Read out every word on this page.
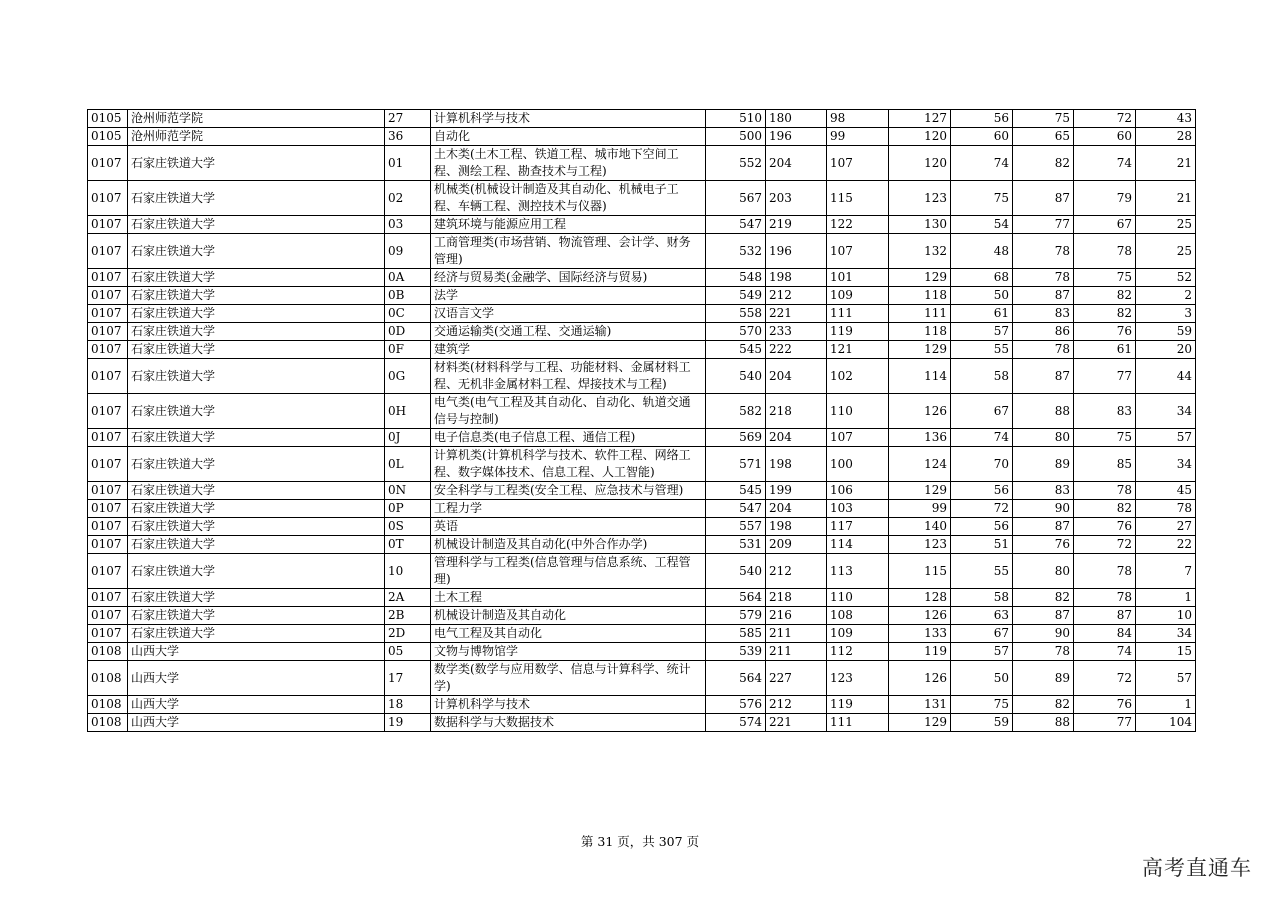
0105	沧州师范学院	27	计算机科学与技术	510	180	98	127	56	75	72	43
0105	沧州师范学院	36	自动化	500	196	99	120	60	65	60	28
0107	石家庄铁道大学	01	土木类(土木工程、铁道工程、城市地下空间工程、测绘工程、勘查技术与工程)	552	204	107	120	74	82	74	21
0107	石家庄铁道大学	02	机械类(机械设计制造及其自动化、机械电子工程、车辆工程、测控技术与仪器)	567	203	115	123	75	87	79	21
0107	石家庄铁道大学	03	建筑环境与能源应用工程	547	219	122	130	54	77	67	25
0107	石家庄铁道大学	09	工商管理类(市场营销、物流管理、会计学、财务管理)	532	196	107	132	48	78	78	25
0107	石家庄铁道大学	0A	经济与贸易类(金融学、国际经济与贸易)	548	198	101	129	68	78	75	52
0107	石家庄铁道大学	0B	法学	549	212	109	118	50	87	82	2
0107	石家庄铁道大学	0C	汉语言文学	558	221	111	111	61	83	82	3
0107	石家庄铁道大学	0D	交通运输类(交通工程、交通运输)	570	233	119	118	57	86	76	59
0107	石家庄铁道大学	0F	建筑学	545	222	121	129	55	78	61	20
0107	石家庄铁道大学	0G	材料类(材料科学与工程、功能材料、金属材料工程、无机非金属材料工程、焊接技术与工程)	540	204	102	114	58	87	77	44
0107	石家庄铁道大学	0H	电气类(电气工程及其自动化、自动化、轨道交通信号与控制)	582	218	110	126	67	88	83	34
0107	石家庄铁道大学	0J	电子信息类(电子信息工程、通信工程)	569	204	107	136	74	80	75	57
0107	石家庄铁道大学	0L	计算机类(计算机科学与技术、软件工程、网络工程、数字媒体技术、信息工程、人工智能)	571	198	100	124	70	89	85	34
0107	石家庄铁道大学	0N	安全科学与工程类(安全工程、应急技术与管理)	545	199	106	129	56	83	78	45
0107	石家庄铁道大学	0P	工程力学	547	204	103	99	72	90	82	78
0107	石家庄铁道大学	0S	英语	557	198	117	140	56	87	76	27
0107	石家庄铁道大学	0T	机械设计制造及其自动化(中外合作办学)	531	209	114	123	51	76	72	22
0107	石家庄铁道大学	10	管理科学与工程类(信息管理与信息系统、工程管理)	540	212	113	115	55	80	78	7
0107	石家庄铁道大学	2A	土木工程	564	218	110	128	58	82	78	1
0107	石家庄铁道大学	2B	机械设计制造及其自动化	579	216	108	126	63	87	87	10
0107	石家庄铁道大学	2D	电气工程及其自动化	585	211	109	133	67	90	84	34
0108	山西大学	05	文物与博物馆学	539	211	112	119	57	78	74	15
0108	山西大学	17	数学类(数学与应用数学、信息与计算科学、统计学)	564	227	123	126	50	89	72	57
0108	山西大学	18	计算机科学与技术	576	212	119	131	75	82	76	1
0108	山西大学	19	数据科学与大数据技术	574	221	111	129	59	88	77	104
第 31 页，共 307 页
高考直通车
